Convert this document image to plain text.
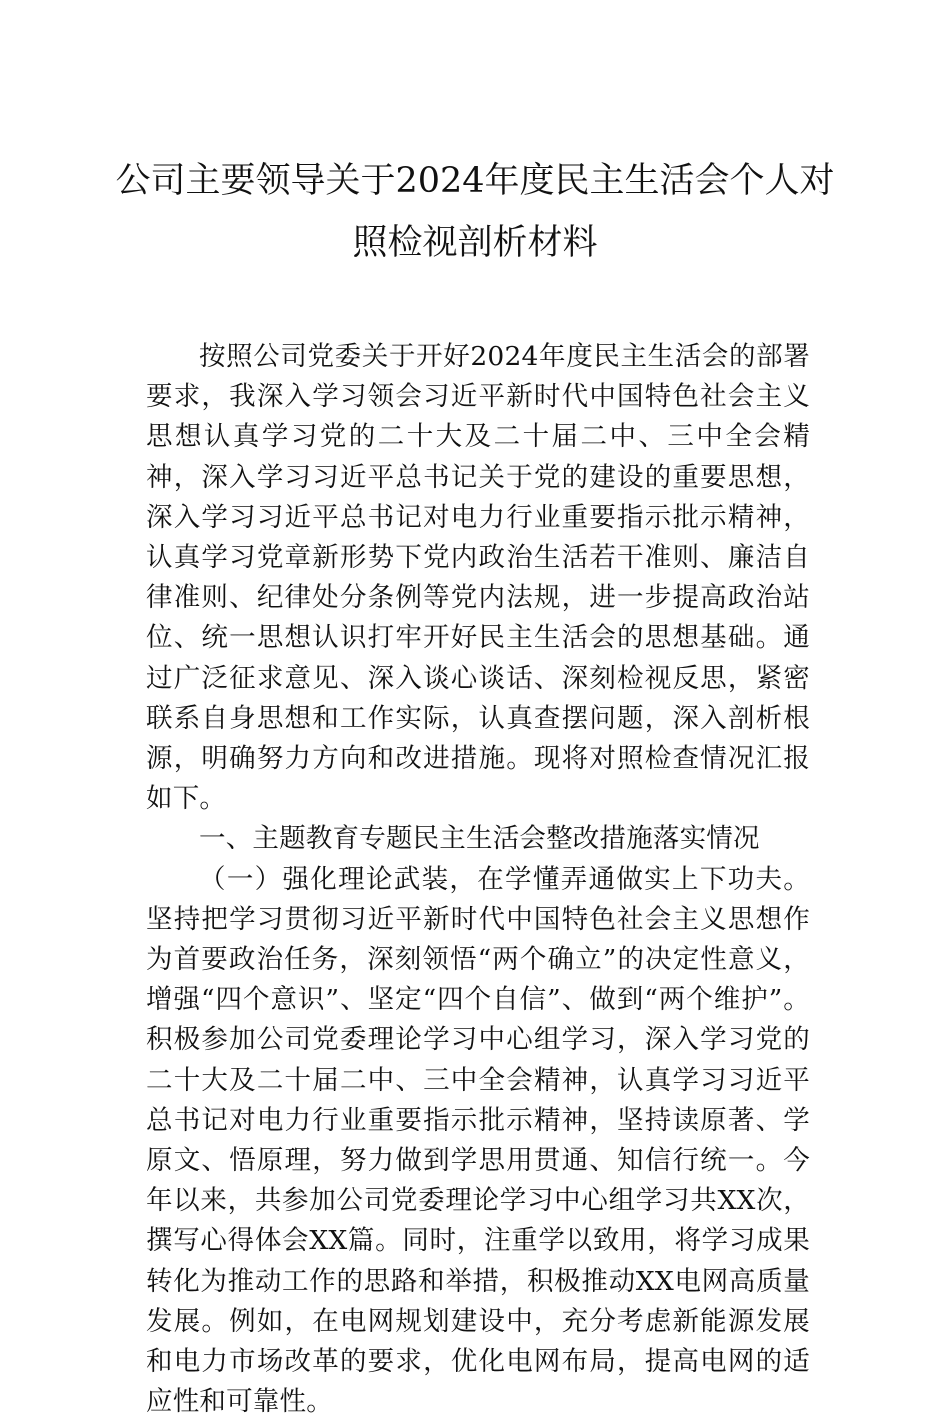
公司主要领导关于2024年度民主生活会个人对照检视剖析材料

按照公司党委关于开好2024年度民主生活会的部署要求，我深入学习领会习近平新时代中国特色社会主义思想认真学习党的二十大及二十届二中、三中全会精神，深入学习习近平总书记关于党的建设的重要思想，深入学习习近平总书记对电力行业重要指示批示精神，认真学习党章新形势下党内政治生活若干准则、廉洁自律准则、纪律处分条例等党内法规，进一步提高政治站位、统一思想认识打牢开好民主生活会的思想基础。通过广泛征求意见、深入谈心谈话、深刻检视反思，紧密联系自身思想和工作实际，认真查摆问题，深入剖析根源，明确努力方向和改进措施。现将对照检查情况汇报如下。

一、主题教育专题民主生活会整改措施落实情况

（一）强化理论武装，在学懂弄通做实上下功夫。坚持把学习贯彻习近平新时代中国特色社会主义思想作为首要政治任务，深刻领悟“两个确立”的决定性意义，增强“四个意识”、坚定“四个自信”、做到“两个维护”。积极参加公司党委理论学习中心组学习，深入学习党的二十大及二十届二中、三中全会精神，认真学习习近平总书记对电力行业重要指示批示精神，坚持读原著、学原文、悟原理，努力做到学思用贯通、知信行统一。今年以来，共参加公司党委理论学习中心组学习共XX次，撰写心得体会XX篇。同时，注重学以致用，将学习成果转化为推动工作的思路和举措，积极推动XX电网高质量发展。例如，在电网规划建设中，充分考虑新能源发展和电力市场改革的要求，优化电网布局，提高电网的适应性和可靠性。
